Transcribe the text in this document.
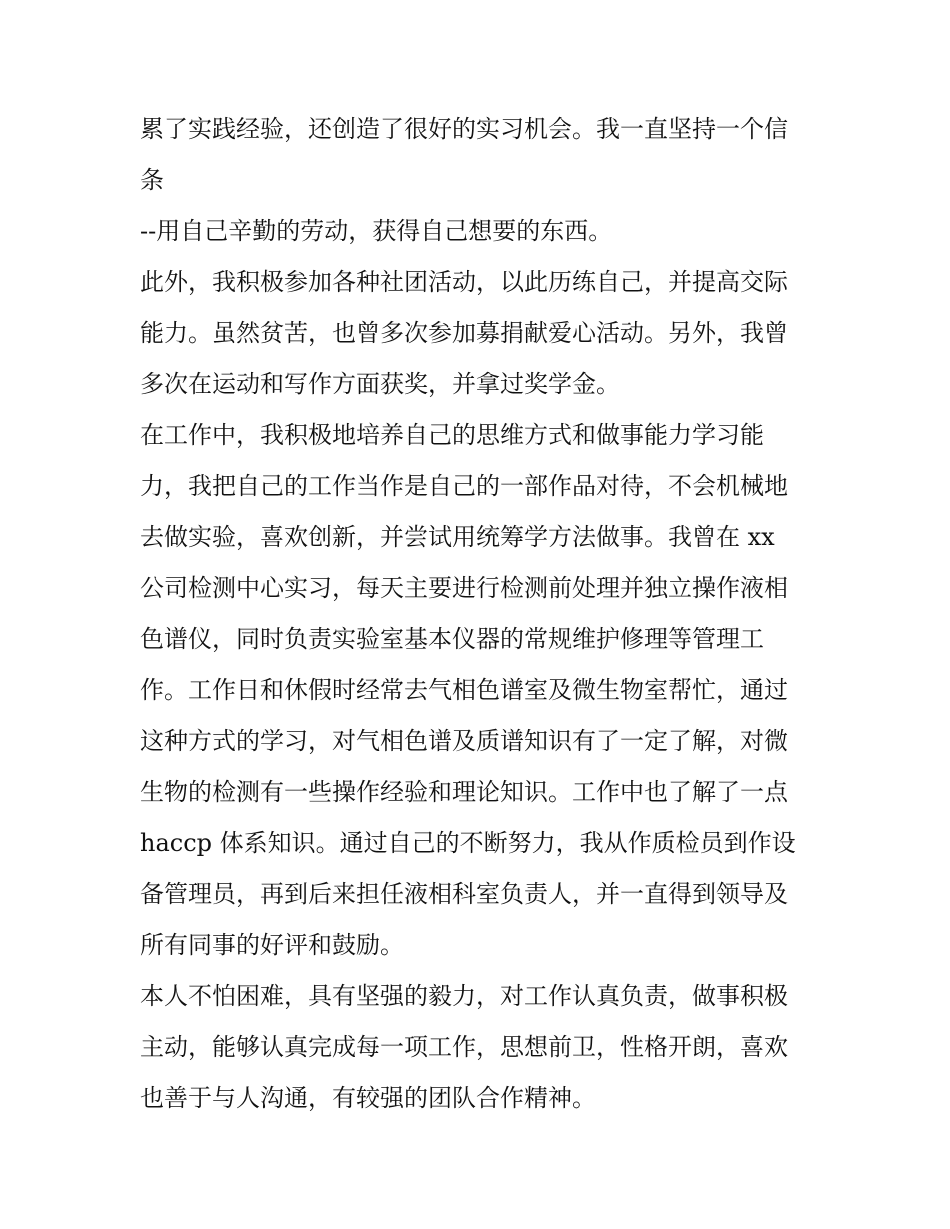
累了实践经验，还创造了很好的实习机会。我一直坚持一个信
条
--用自己辛勤的劳动，获得自己想要的东西。
此外，我积极参加各种社团活动，以此历练自己，并提高交际
能力。虽然贫苦，也曾多次参加募捐献爱心活动。另外，我曾
多次在运动和写作方面获奖，并拿过奖学金。
在工作中，我积极地培养自己的思维方式和做事能力学习能
力，我把自己的工作当作是自己的一部作品对待，不会机械地
去做实验，喜欢创新，并尝试用统筹学方法做事。我曾在 xx
公司检测中心实习，每天主要进行检测前处理并独立操作液相
色谱仪，同时负责实验室基本仪器的常规维护修理等管理工
作。工作日和休假时经常去气相色谱室及微生物室帮忙，通过
这种方式的学习，对气相色谱及质谱知识有了一定了解，对微
生物的检测有一些操作经验和理论知识。工作中也了解了一点
haccp 体系知识。通过自己的不断努力，我从作质检员到作设
备管理员，再到后来担任液相科室负责人，并一直得到领导及
所有同事的好评和鼓励。
本人不怕困难，具有坚强的毅力，对工作认真负责，做事积极
主动，能够认真完成每一项工作，思想前卫，性格开朗，喜欢
也善于与人沟通，有较强的团队合作精神。
